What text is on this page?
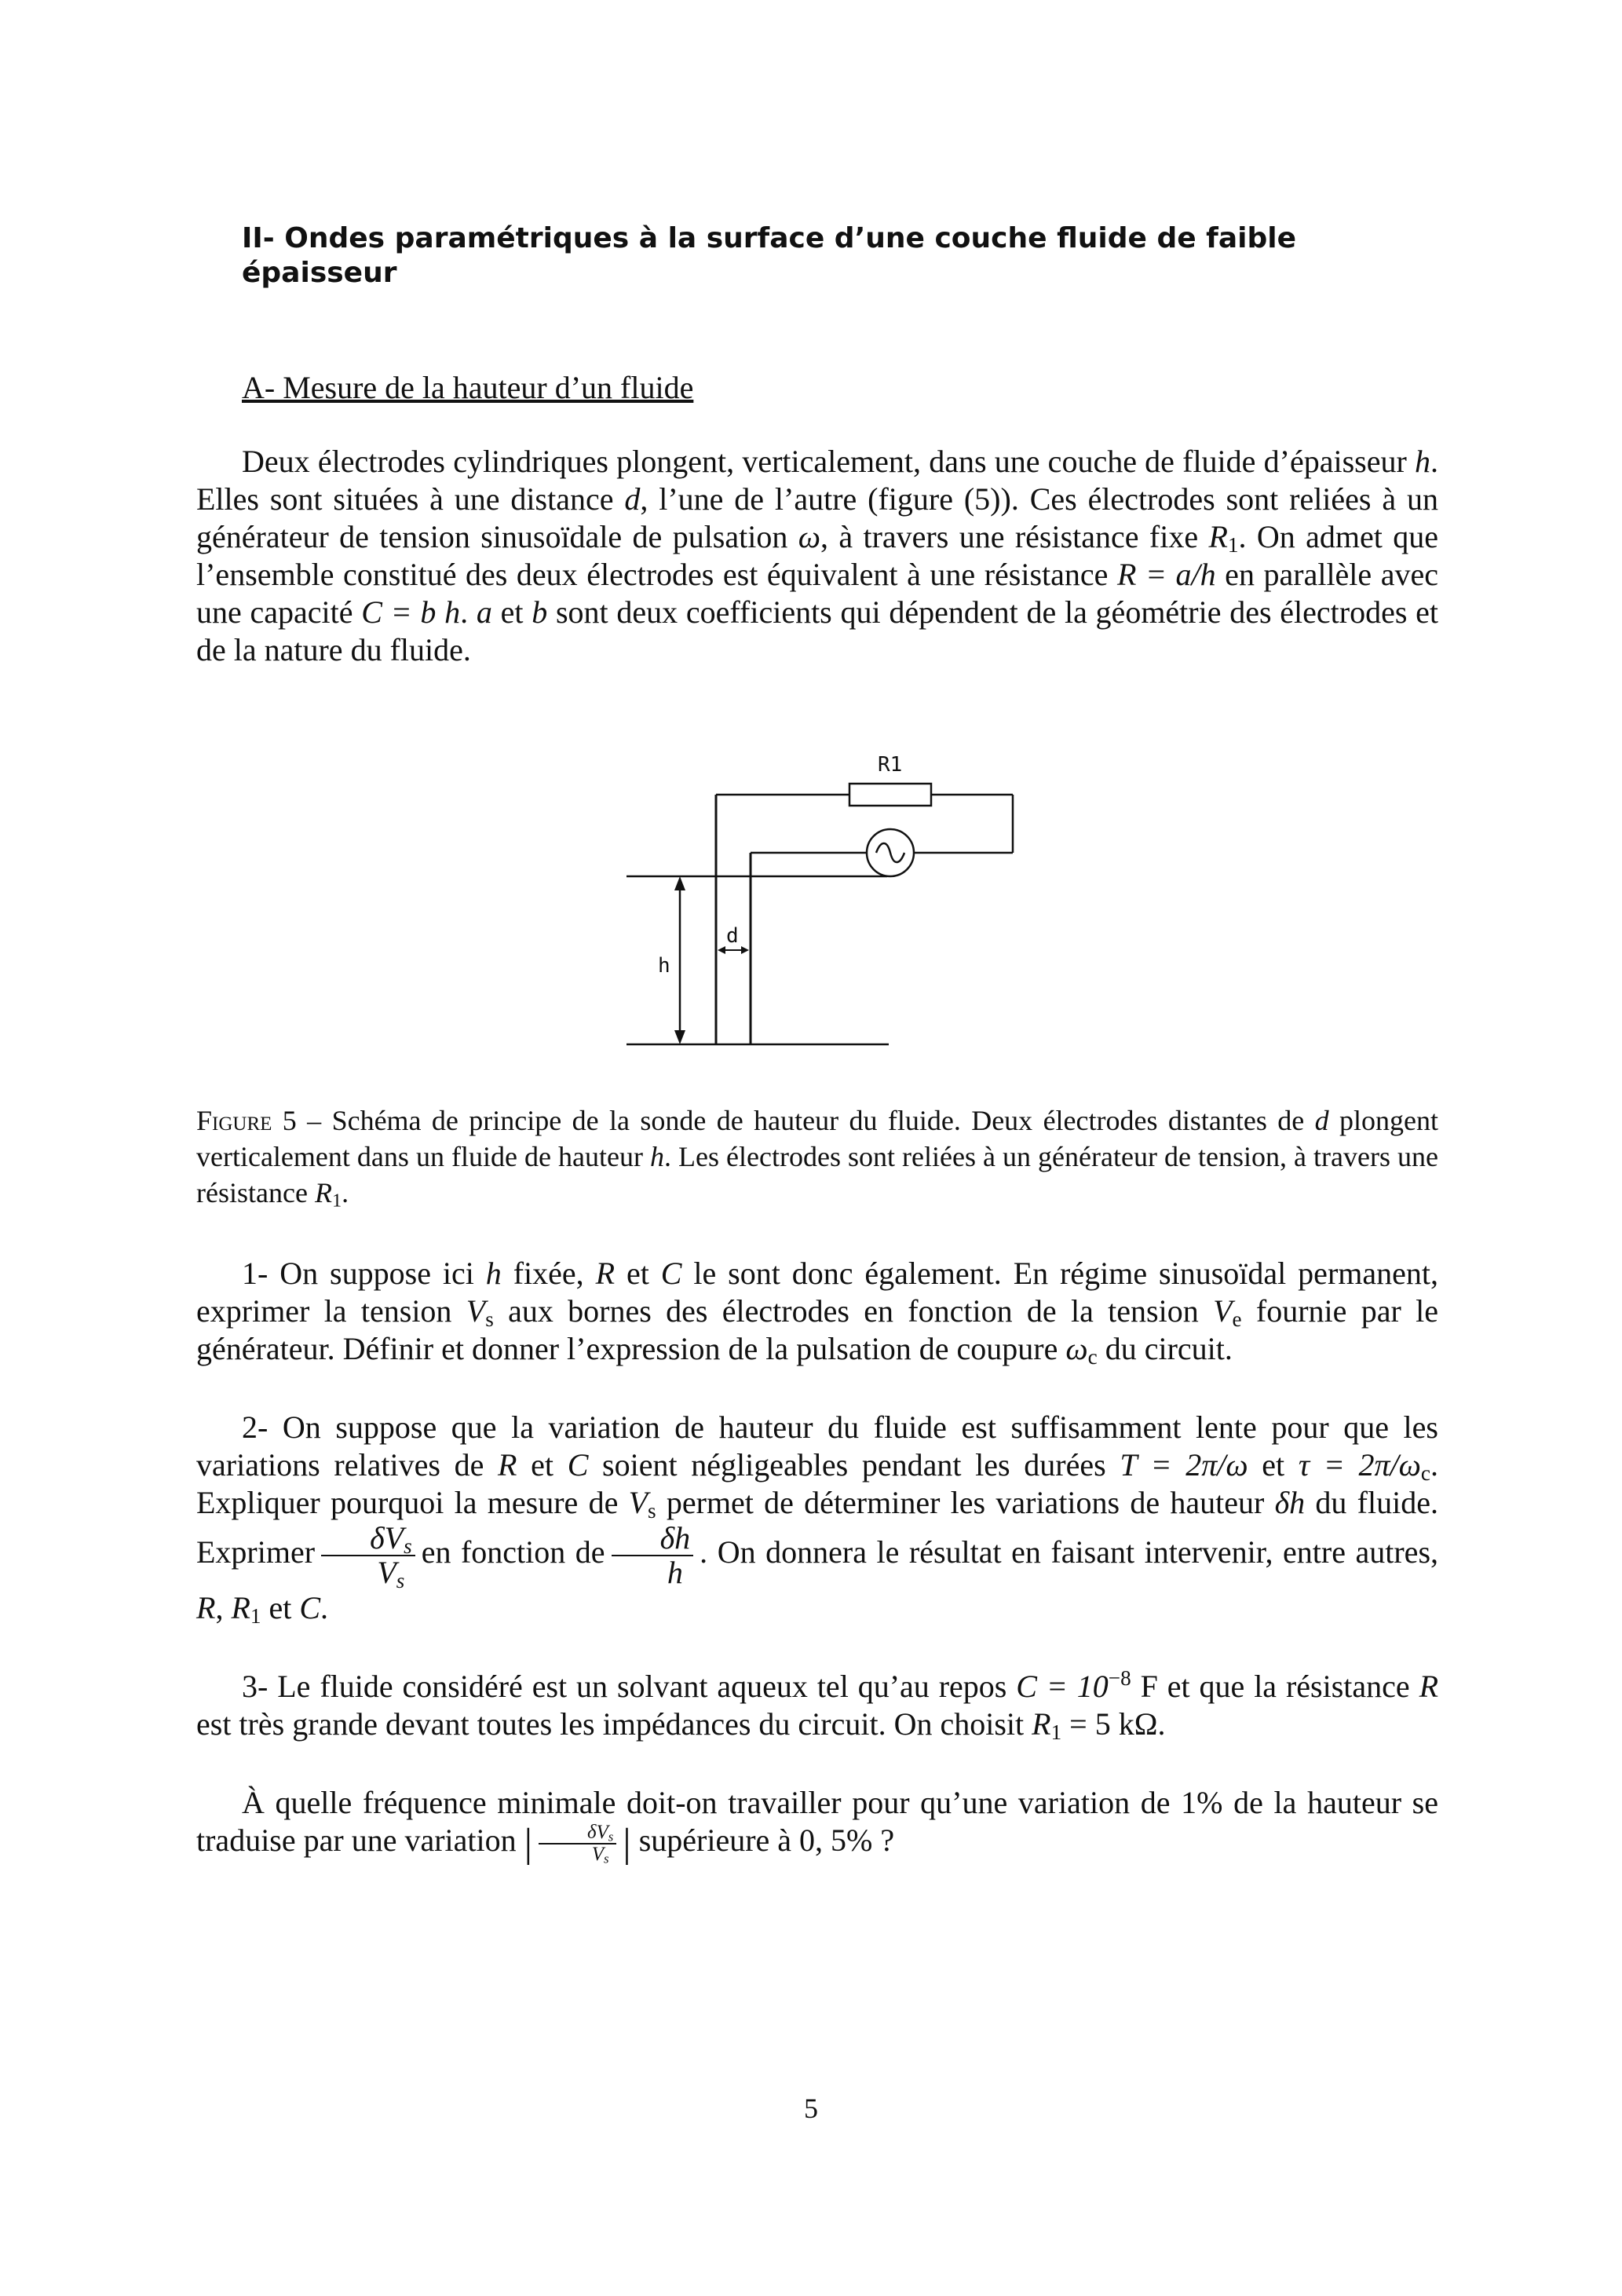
II- Ondes paramétriques à la surface d’une couche fluide de faible épaisseur
A- Mesure de la hauteur d’un fluide

Deux électrodes cylindriques plongent, verticalement, dans une couche de fluide d’épaisseur h. Elles sont situées à une distance d, l’une de l’autre (figure (5)). Ces électrodes sont reliées à un générateur de tension sinusoïdale de pulsation ω, à travers une résistance fixe $R_1$. On admet que l’ensemble constitué des deux électrodes est équivalent à une résistance R = a/h en parallèle avec une capacité C = b h. a et b sont deux coefficients qui dépendent de la géométrie des électrodes et de la nature du fluide.

R1
h
d

Figure 5 – Schéma de principe de la sonde de hauteur du fluide. Deux électrodes distantes de d plongent verticalement dans un fluide de hauteur h. Les électrodes sont reliées à un générateur de tension, à travers une résistance $R_1$.

1- On suppose ici h fixée, R et C le sont donc également. En régime sinusoïdal permanent, exprimer la tension $V_s$ aux bornes des électrodes en fonction de la tension $V_e$ fournie par le générateur. Définir et donner l’expression de la pulsation de coupure $\omega_c$ du circuit.

2- On suppose que la variation de hauteur du fluide est suffisamment lente pour que les variations relatives de R et C soient négligeables pendant les durées T = 2π/ω et $\tau = 2\pi/\omega_c$. Expliquer pourquoi la mesure de $V_s$ permet de déterminer les variations de hauteur δh du fluide. Exprimer $\frac{\delta V_s}{V_s}$ en fonction de $\frac{\delta h}{h}$ . On donnera le résultat en faisant intervenir, entre autres, R, $R_1$ et C.

3- Le fluide considéré est un solvant aqueux tel qu’au repos $C = 10^{-8}$ F et que la résistance R est très grande devant toutes les impédances du circuit. On choisit $R_1 = 5$ kΩ.

À quelle fréquence minimale doit-on travailler pour qu’une variation de 1% de la hauteur se traduise par une variation | $\frac{\delta V_s}{V_s}$ | supérieure à 0, 5% ?

5
